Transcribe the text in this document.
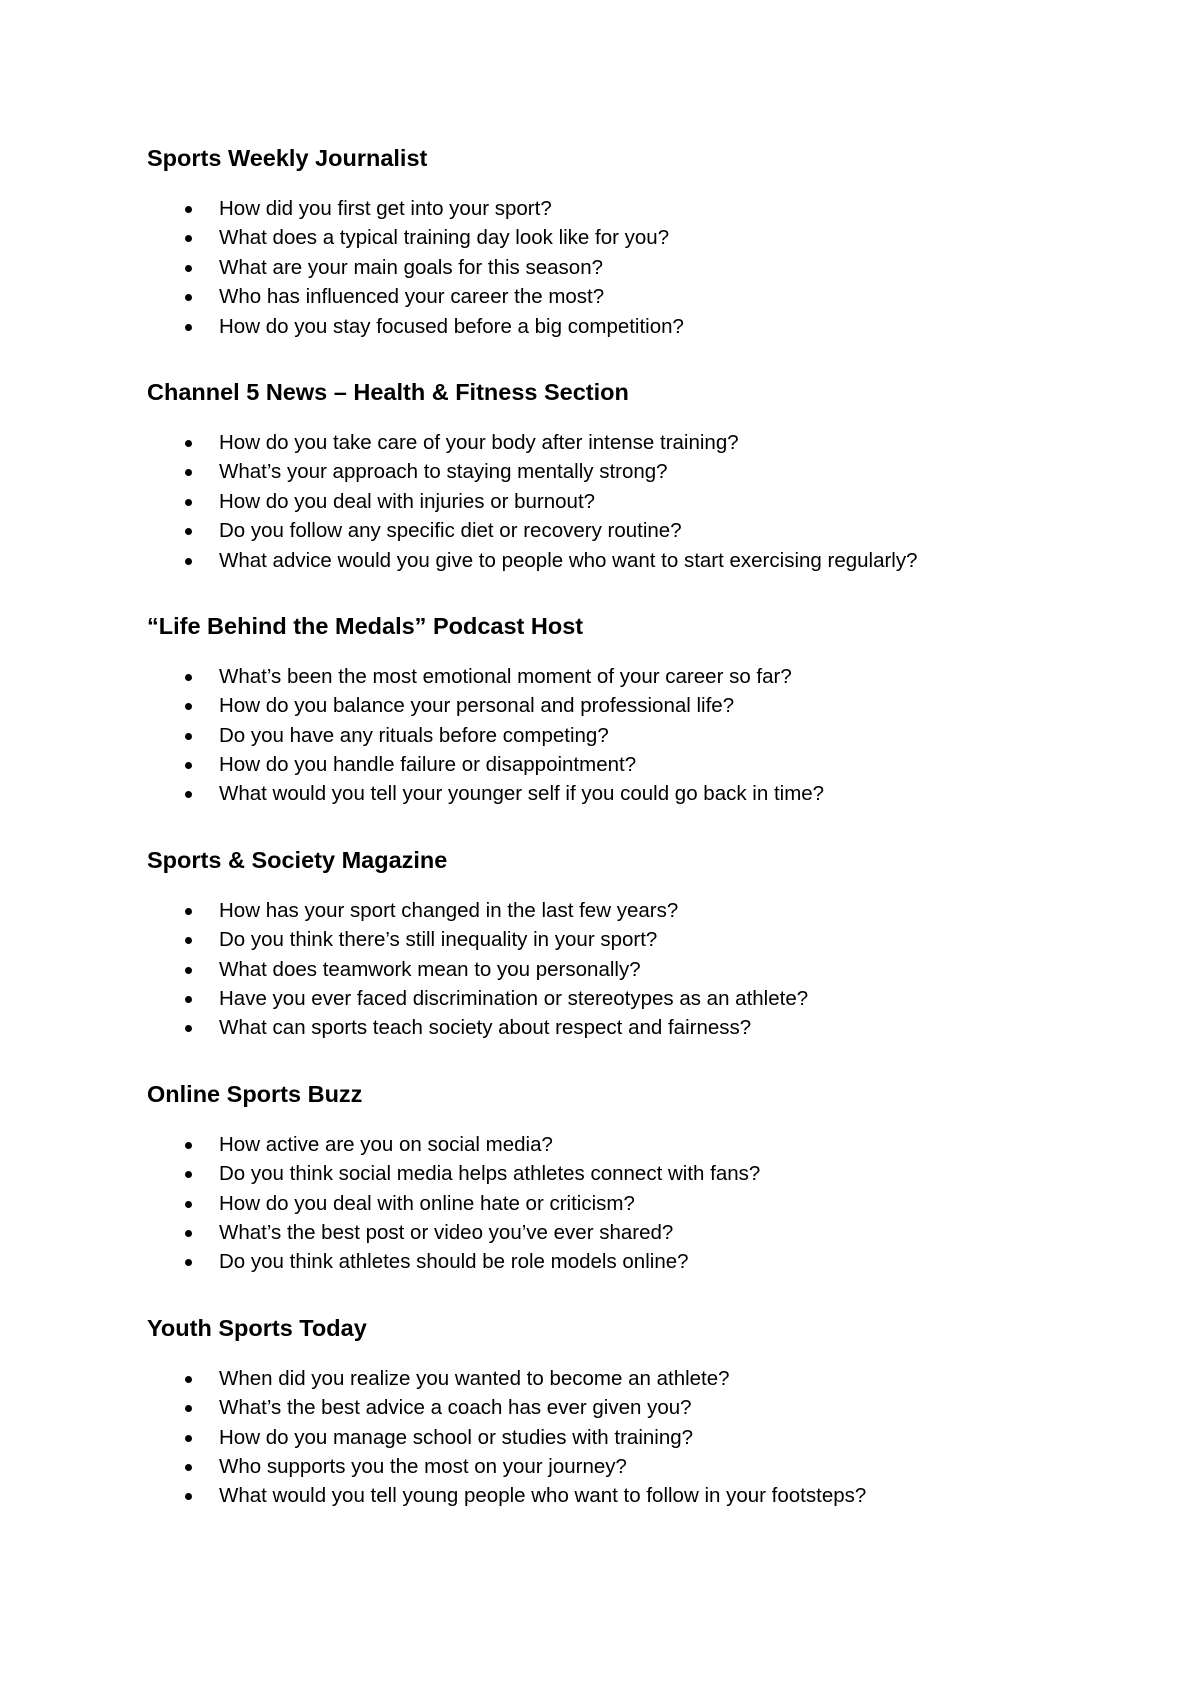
Sports Weekly Journalist
How did you first get into your sport?
What does a typical training day look like for you?
What are your main goals for this season?
Who has influenced your career the most?
How do you stay focused before a big competition?
Channel 5 News – Health & Fitness Section
How do you take care of your body after intense training?
What’s your approach to staying mentally strong?
How do you deal with injuries or burnout?
Do you follow any specific diet or recovery routine?
What advice would you give to people who want to start exercising regularly?
“Life Behind the Medals” Podcast Host
What’s been the most emotional moment of your career so far?
How do you balance your personal and professional life?
Do you have any rituals before competing?
How do you handle failure or disappointment?
What would you tell your younger self if you could go back in time?
Sports & Society Magazine
How has your sport changed in the last few years?
Do you think there’s still inequality in your sport?
What does teamwork mean to you personally?
Have you ever faced discrimination or stereotypes as an athlete?
What can sports teach society about respect and fairness?
Online Sports Buzz
How active are you on social media?
Do you think social media helps athletes connect with fans?
How do you deal with online hate or criticism?
What’s the best post or video you’ve ever shared?
Do you think athletes should be role models online?
Youth Sports Today
When did you realize you wanted to become an athlete?
What’s the best advice a coach has ever given you?
How do you manage school or studies with training?
Who supports you the most on your journey?
What would you tell young people who want to follow in your footsteps?
